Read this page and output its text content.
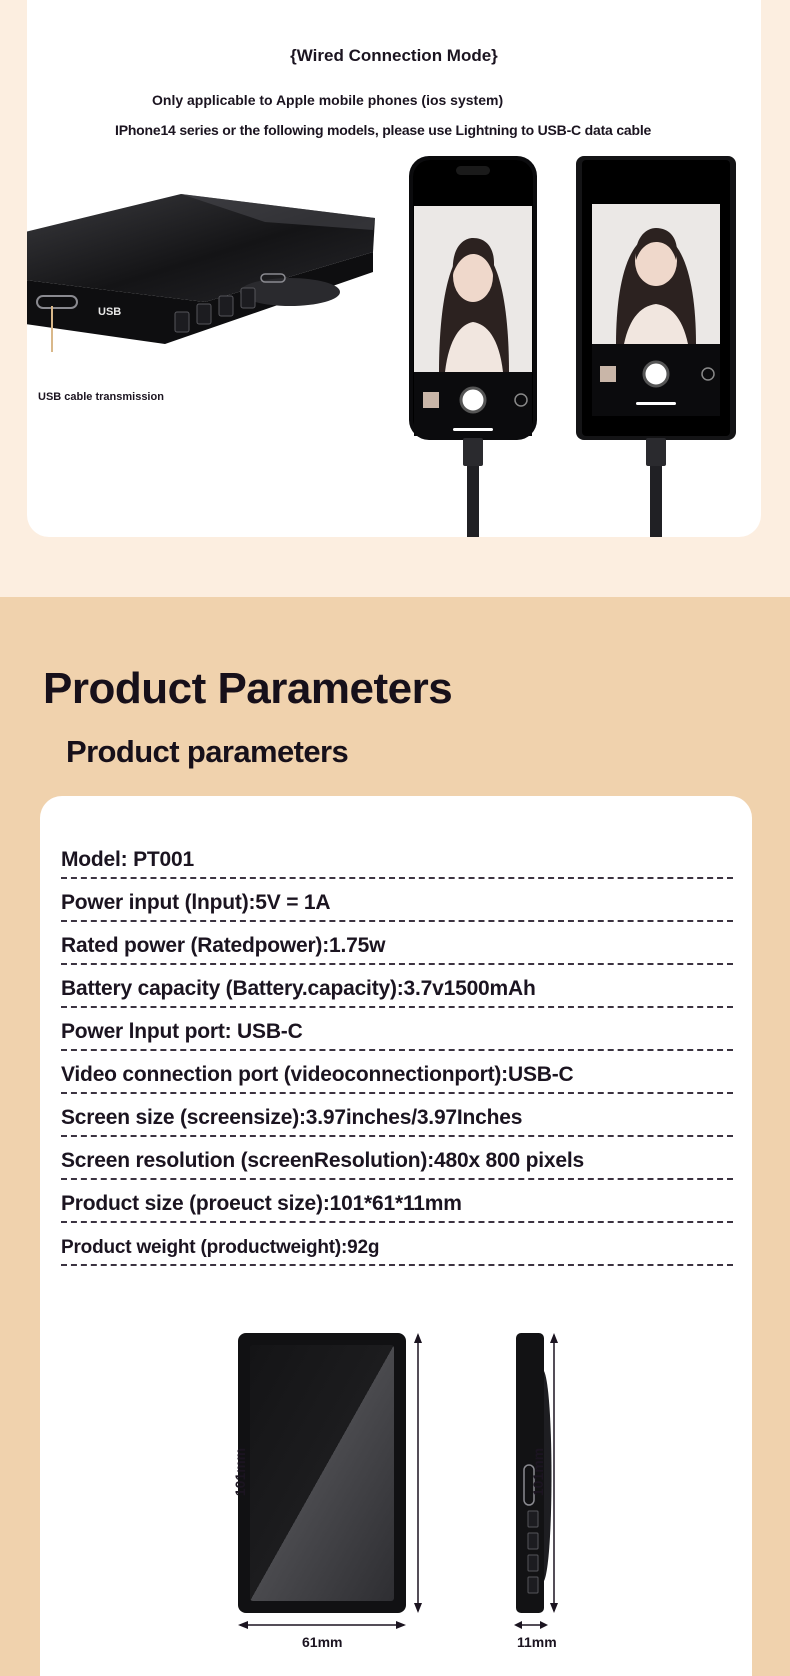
{Wired Connection Mode}
Only applicable to Apple mobile phones (ios system)
IPhone14 series or the following models, please use Lightning to USB-C data cable
USB
USB cable transmission
Product Parameters
Product parameters
Model: PT001
Power input (lnput):5V = 1A
Rated power (Ratedpower):1.75w
Battery capacity (Battery.capacity):3.7v1500mAh
Power lnput port: USB-C
Video connection port (videoconnectionport):USB-C
Screen size (screensize):3.97inches/3.97Inches
Screen resolution (screenResolution):480x 800 pixels
Product size (proeuct size):101*61*11mm
Product weight (productweight):92g
101mm
61mm
101mm
11mm
